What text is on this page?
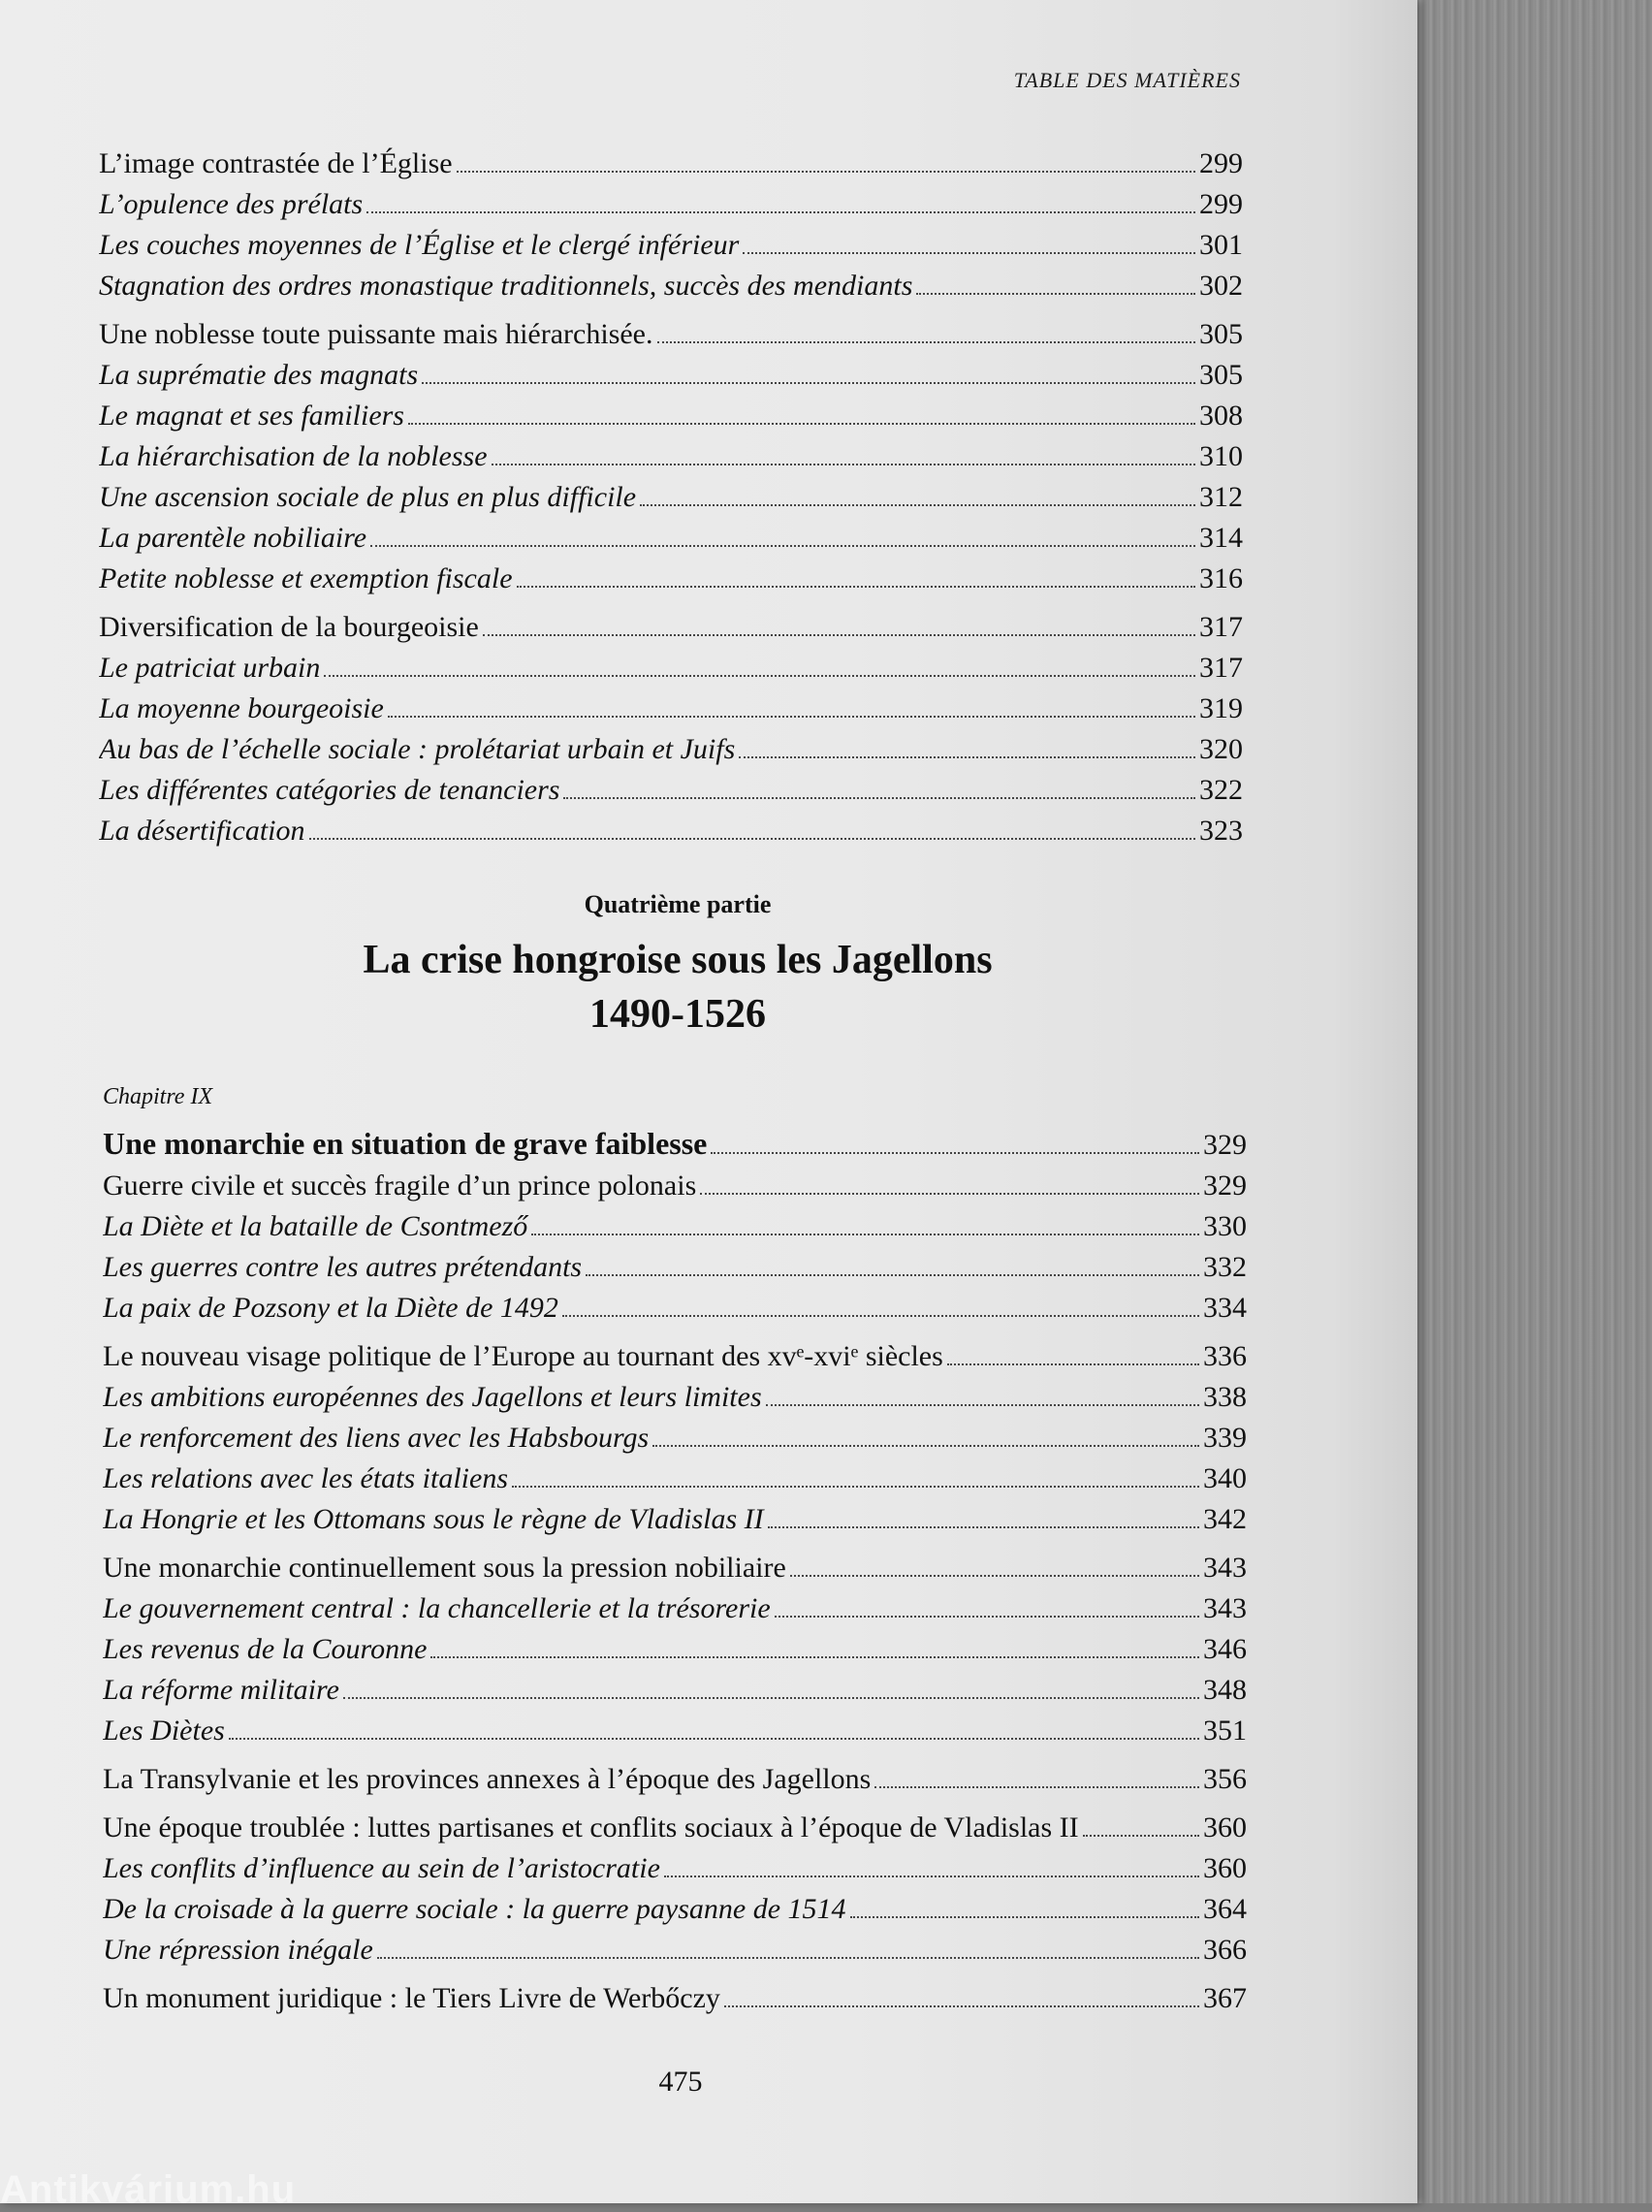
TABLE DES MATIÈRES
L’image contrastée de l’Église	299
L’opulence des prélats	299
Les couches moyennes de l’Église et le clergé inférieur	301
Stagnation des ordres monastique traditionnels, succès des mendiants	302
Une noblesse toute puissante mais hiérarchisée.	305
La suprématie des magnats	305
Le magnat et ses familiers	308
La hiérarchisation de la noblesse	310
Une ascension sociale de plus en plus difficile	312
La parentèle nobiliaire	314
Petite noblesse et exemption fiscale	316
Diversification de la bourgeoisie	317
Le patriciat urbain	317
La moyenne bourgeoisie	319
Au bas de l’échelle sociale : prolétariat urbain et Juifs	320
Les différentes catégories de tenanciers	322
La désertification	323
Quatrième partie
La crise hongroise sous les Jagellons
1490-1526
Chapitre IX
Une monarchie en situation de grave faiblesse	329
Guerre civile et succès fragile d’un prince polonais	329
La Diète et la bataille de Csontmező	330
Les guerres contre les autres prétendants	332
La paix de Pozsony et la Diète de 1492	334
Le nouveau visage politique de l’Europe au tournant des xvᵉ-xviᵉ siècles	336
Les ambitions européennes des Jagellons et leurs limites	338
Le renforcement des liens avec les Habsbourgs	339
Les relations avec les états italiens	340
La Hongrie et les Ottomans sous le règne de Vladislas II	342
Une monarchie continuellement sous la pression nobiliaire	343
Le gouvernement central : la chancellerie et la trésorerie	343
Les revenus de la Couronne	346
La réforme militaire	348
Les Diètes	351
La Transylvanie et les provinces annexes à l’époque des Jagellons	356
Une époque troublée : luttes partisanes et conflits sociaux à l’époque de Vladislas II	360
Les conflits d’influence au sein de l’aristocratie	360
De la croisade à la guerre sociale : la guerre paysanne de 1514	364
Une répression inégale	366
Un monument juridique : le Tiers Livre de Werbőczy	367
475
Antikvárium.hu
